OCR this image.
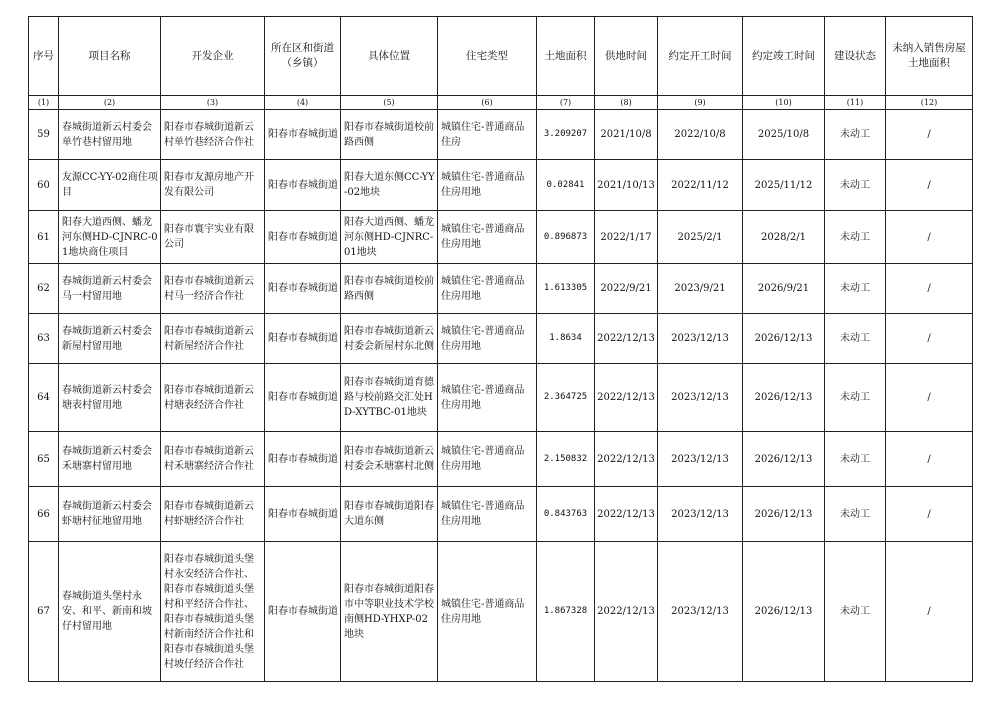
序号	项目名称	开发企业	所在区和街道（乡镇）	具体位置	住宅类型	土地面积	供地时间	约定开工时间	约定竣工时间	建设状态	未纳入销售房屋土地面积
(1)	(2)	(3)	(4)	(5)	(6)	(7)	(8)	(9)	(10)	(11)	(12)
59	春城街道新云村委会单竹巷村留用地	阳春市春城街道新云村单竹巷经济合作社	阳春市春城街道	阳春市春城街道校前路西侧	城镇住宅-普通商品住房	3.209207	2021/10/8	2022/10/8	2025/10/8	未动工	/
60	友源CC-YY-02商住项目	阳春市友源房地产开发有限公司	阳春市春城街道	阳春大道东侧CC-YY-02地块	城镇住宅-普通商品住房用地	0.02841	2021/10/13	2022/11/12	2025/11/12	未动工	/
61	阳春大道西侧、蟠龙河东侧HD-CJNRC-01地块商住项目	阳春市寰宇实业有限公司	阳春市春城街道	阳春大道西侧、蟠龙河东侧HD-CJNRC-01地块	城镇住宅-普通商品住房用地	0.896873	2022/1/17	2025/2/1	2028/2/1	未动工	/
62	春城街道新云村委会马一村留用地	阳春市春城街道新云村马一经济合作社	阳春市春城街道	阳春市春城街道校前路西侧	城镇住宅-普通商品住房用地	1.613305	2022/9/21	2023/9/21	2026/9/21	未动工	/
63	春城街道新云村委会新屋村留用地	阳春市春城街道新云村新屋经济合作社	阳春市春城街道	阳春市春城街道新云村委会新屋村东北侧	城镇住宅-普通商品住房用地	1.8634	2022/12/13	2023/12/13	2026/12/13	未动工	/
64	春城街道新云村委会塘表村留用地	阳春市春城街道新云村塘表经济合作社	阳春市春城街道	阳春市春城街道育德路与校前路交汇处HD-XYTBC-01地块	城镇住宅-普通商品住房用地	2.364725	2022/12/13	2023/12/13	2026/12/13	未动工	/
65	春城街道新云村委会禾塘寨村留用地	阳春市春城街道新云村禾塘寨经济合作社	阳春市春城街道	阳春市春城街道新云村委会禾塘寨村北侧	城镇住宅-普通商品住房用地	2.150832	2022/12/13	2023/12/13	2026/12/13	未动工	/
66	春城街道新云村委会虾塘村征地留用地	阳春市春城街道新云村虾塘经济合作社	阳春市春城街道	阳春市春城街道阳春大道东侧	城镇住宅-普通商品住房用地	0.843763	2022/12/13	2023/12/13	2026/12/13	未动工	/
67	春城街道头堡村永安、和平、新南和坡仔村留用地	阳春市春城街道头堡村永安经济合作社、阳春市春城街道头堡村和平经济合作社、阳春市春城街道头堡村新南经济合作社和阳春市春城街道头堡村坡仔经济合作社	阳春市春城街道	阳春市春城街道阳春市中等职业技术学校南侧HD-YHXP-02地块	城镇住宅-普通商品住房用地	1.867328	2022/12/13	2023/12/13	2026/12/13	未动工	/
